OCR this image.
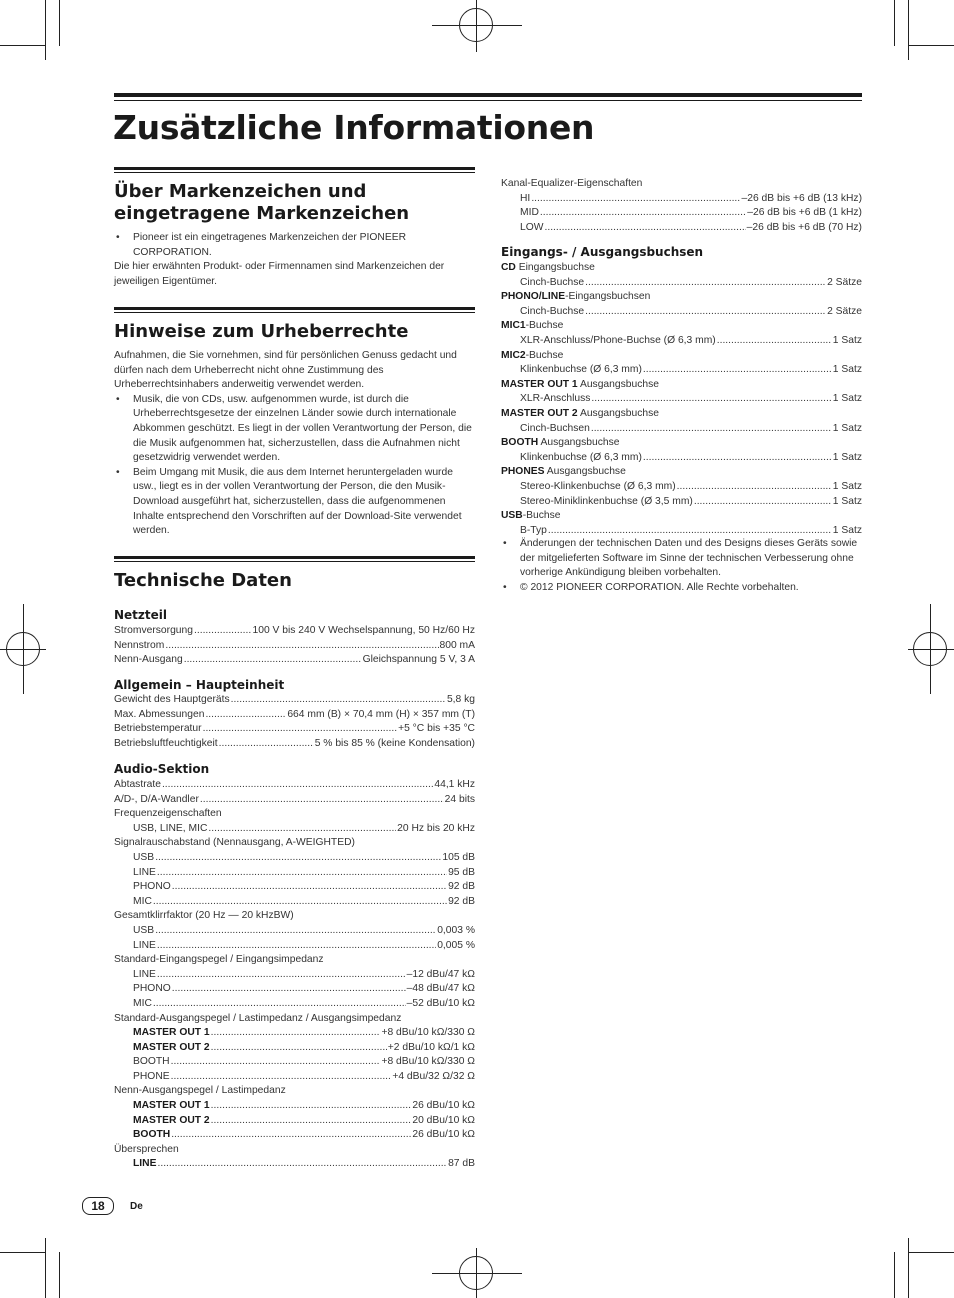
Zusätzliche Informationen
Über Markenzeichen und eingetragene Markenzeichen

• Pioneer ist ein eingetragenes Markenzeichen der PIONEER CORPORATION.

Die hier erwähnten Produkt- oder Firmennamen sind Markenzeichen der jeweiligen Eigentümer.

Hinweise zum Urheberrechte

Aufnahmen, die Sie vornehmen, sind für persönlichen Genuss gedacht und dürfen nach dem Urheberrecht nicht ohne Zustimmung des Urheberrechtsinhabers anderweitig verwendet werden.

• Musik, die von CDs, usw. aufgenommen wurde, ist durch die Urheberrechtsgesetze der einzelnen Länder sowie durch internationale Abkommen geschützt. Es liegt in der vollen Verantwortung der Person, die die Musik aufgenommen hat, sicherzustellen, dass die Aufnahmen nicht gesetzwidrig verwendet werden.

• Beim Umgang mit Musik, die aus dem Internet heruntergeladen wurde usw., liegt es in der vollen Verantwortung der Person, die den Musik-Download ausgeführt hat, sicherzustellen, dass die aufgenommenen Inhalte entsprechend den Vorschriften auf der Download-Site verwendet werden.

Technische Daten
Netzteil
Stromversorgung .....	100 V bis 240 V Wechselspannung, 50 Hz/60 Hz
Nennstrom .....	800 mA
Nenn-Ausgang .....	Gleichspannung 5 V, 3 A
Allgemein – Haupteinheit
Gewicht des Hauptgeräts .....	5,8 kg
Max. Abmessungen .....	664 mm (B) × 70,4 mm (H) × 357 mm (T)
Betriebstemperatur .....	+5 °C bis +35 °C
Betriebsluftfeuchtigkeit .....	5 % bis 85 % (keine Kondensation)
Audio-Sektion
Abtastrate .....	44,1 kHz
A/D-, D/A-Wandler .....	24 bits
Frequenzeigenschaften
USB, LINE, MIC .....	20 Hz bis 20 kHz
Signalrauschabstand (Nennausgang, A-WEIGHTED)
USB .....	105 dB
LINE .....	95 dB
PHONO .....	92 dB
MIC .....	92 dB
Gesamtklirrfaktor (20 Hz — 20 kHzBW)
USB .....	0,003 %
LINE .....	0,005 %
Standard-Eingangspegel / Eingangsimpedanz
LINE .....	–12 dBu/47 kΩ
PHONO .....	–48 dBu/47 kΩ
MIC .....	–52 dBu/10 kΩ
Standard-Ausgangspegel / Lastimpedanz / Ausgangsimpedanz
MASTER OUT 1 .....	+8 dBu/10 kΩ/330 Ω
MASTER OUT 2 .....	+2 dBu/10 kΩ/1 kΩ
BOOTH .....	+8 dBu/10 kΩ/330 Ω
PHONE .....	+4 dBu/32 Ω/32 Ω
Nenn-Ausgangspegel / Lastimpedanz
MASTER OUT 1 .....	26 dBu/10 kΩ
MASTER OUT 2 .....	20 dBu/10 kΩ
BOOTH .....	26 dBu/10 kΩ
Übersprechen
LINE .....	87 dB
Kanal-Equalizer-Eigenschaften
HI .....	–26 dB bis +6 dB (13 kHz)
MID .....	–26 dB bis +6 dB (1 kHz)
LOW .....	–26 dB bis +6 dB (70 Hz)
Eingangs- / Ausgangsbuchsen
CD Eingangsbuchse
Cinch-Buchse .....	2 Sätze
PHONO/LINE-Eingangsbuchsen
Cinch-Buchse .....	2 Sätze
MIC1-Buchse
XLR-Anschluss/Phone-Buchse (Ø 6,3 mm) .....	1 Satz
MIC2-Buchse
Klinkenbuchse (Ø 6,3 mm) .....	1 Satz
MASTER OUT 1 Ausgangsbuchse
XLR-Anschluss .....	1 Satz
MASTER OUT 2 Ausgangsbuchse
Cinch-Buchsen .....	1 Satz
BOOTH Ausgangsbuchse
Klinkenbuchse (Ø 6,3 mm) .....	1 Satz
PHONES Ausgangsbuchse
Stereo-Klinkenbuchse (Ø 6,3 mm) .....	1 Satz
Stereo-Miniklinkenbuchse (Ø 3,5 mm) .....	1 Satz
USB-Buchse
B-Typ .....	1 Satz

• Änderungen der technischen Daten und des Designs dieses Geräts sowie der mitgelieferten Software im Sinne der technischen Verbesserung ohne vorherige Ankündigung bleiben vorbehalten.

• © 2012 PIONEER CORPORATION. Alle Rechte vorbehalten.

18	De
